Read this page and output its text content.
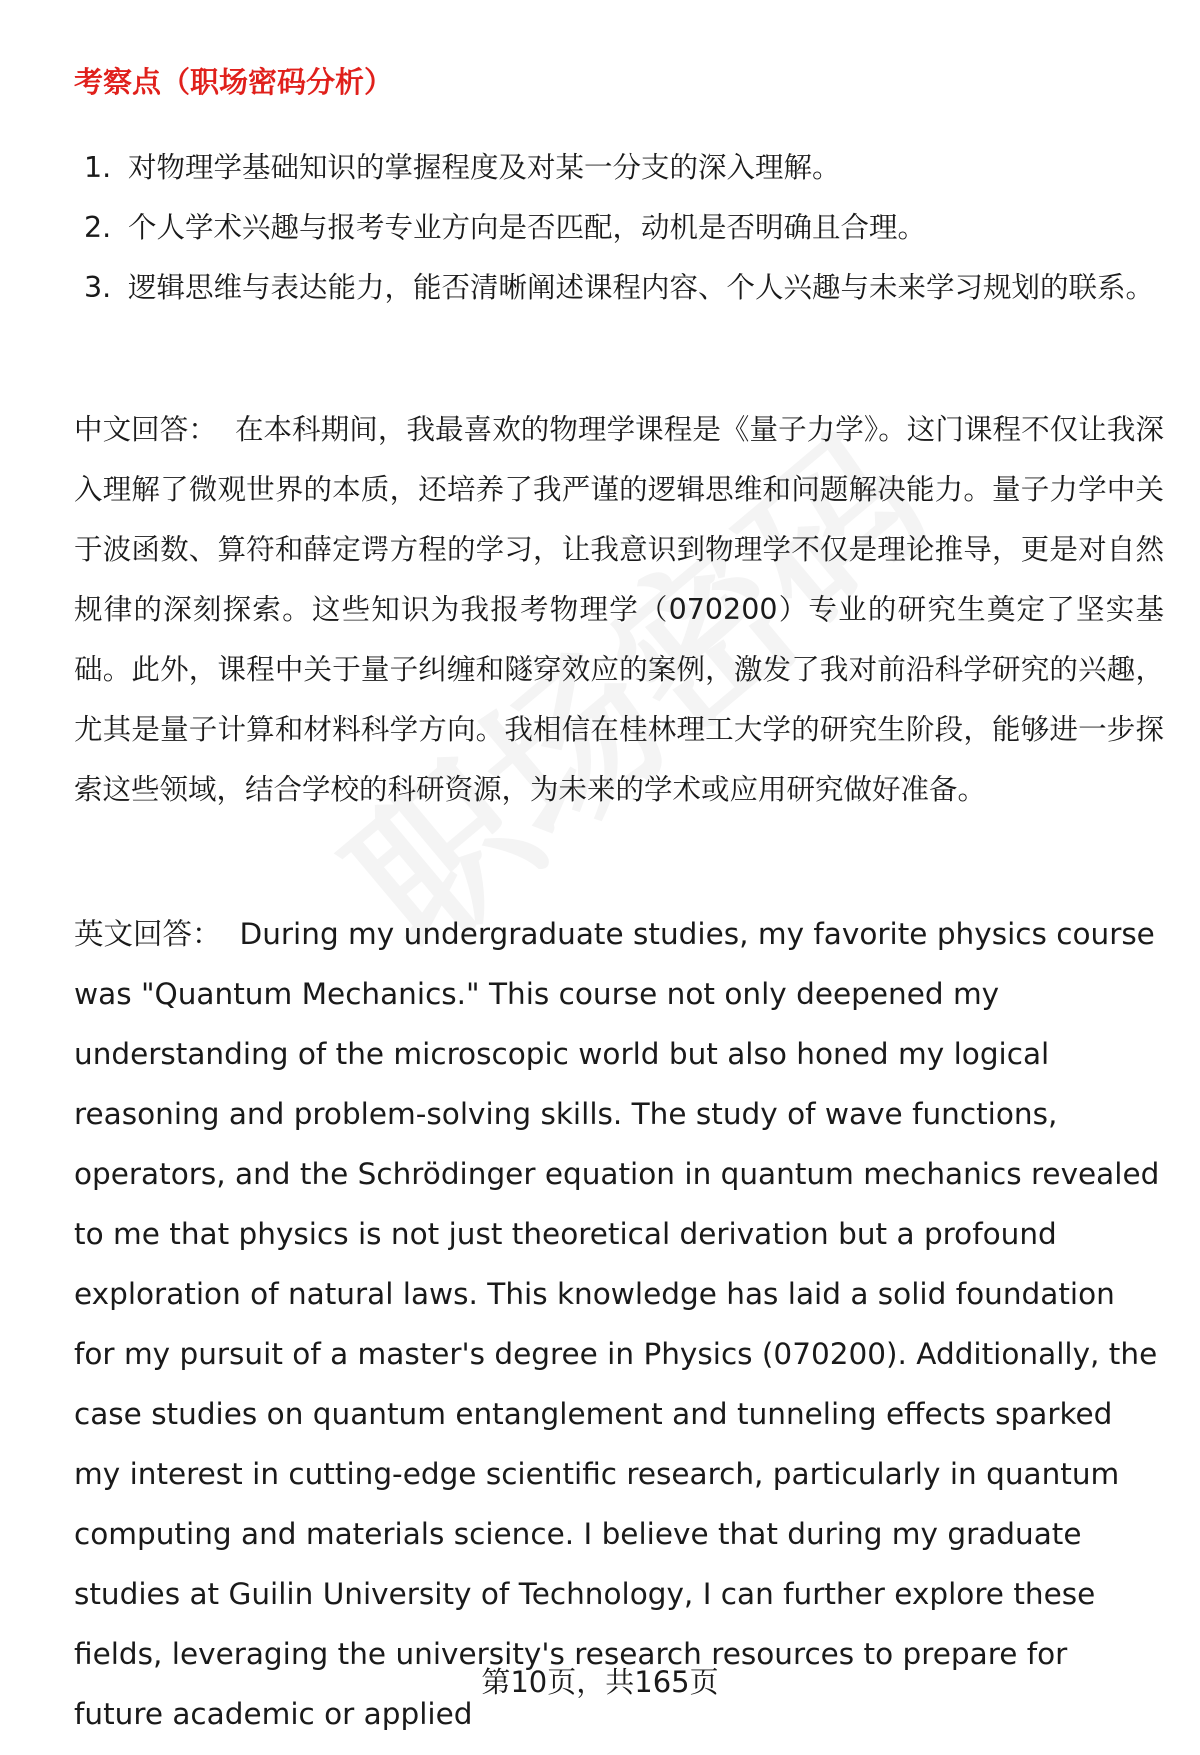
考察点（职场密码分析）
1. 对物理学基础知识的掌握程度及对某一分支的深入理解。
2. 个人学术兴趣与报考专业方向是否匹配，动机是否明确且合理。
3. 逻辑思维与表达能力，能否清晰阐述课程内容、个人兴趣与未来学习规划的联系。

中文回答： 在本科期间，我最喜欢的物理学课程是《量子力学》。这门课程不仅让我深入理解了微观世界的本质，还培养了我严谨的逻辑思维和问题解决能力。量子力学中关于波函数、算符和薛定谔方程的学习，让我意识到物理学不仅是理论推导，更是对自然规律的深刻探索。这些知识为我报考物理学（070200）专业的研究生奠定了坚实基础。此外，课程中关于量子纠缠和隧穿效应的案例，激发了我对前沿科学研究的兴趣，尤其是量子计算和材料科学方向。我相信在桂林理工大学的研究生阶段，能够进一步探索这些领域，结合学校的科研资源，为未来的学术或应用研究做好准备。

英文回答： During my undergraduate studies, my favorite physics course was "Quantum Mechanics." This course not only deepened my understanding of the microscopic world but also honed my logical reasoning and problem-solving skills. The study of wave functions, operators, and the Schrödinger equation in quantum mechanics revealed to me that physics is not just theoretical derivation but a profound exploration of natural laws. This knowledge has laid a solid foundation for my pursuit of a master's degree in Physics (070200). Additionally, the case studies on quantum entanglement and tunneling effects sparked my interest in cutting-edge scientific research, particularly in quantum computing and materials science. I believe that during my graduate studies at Guilin University of Technology, I can further explore these fields, leveraging the university's research resources to prepare for future academic or applied

第10页，共165页
